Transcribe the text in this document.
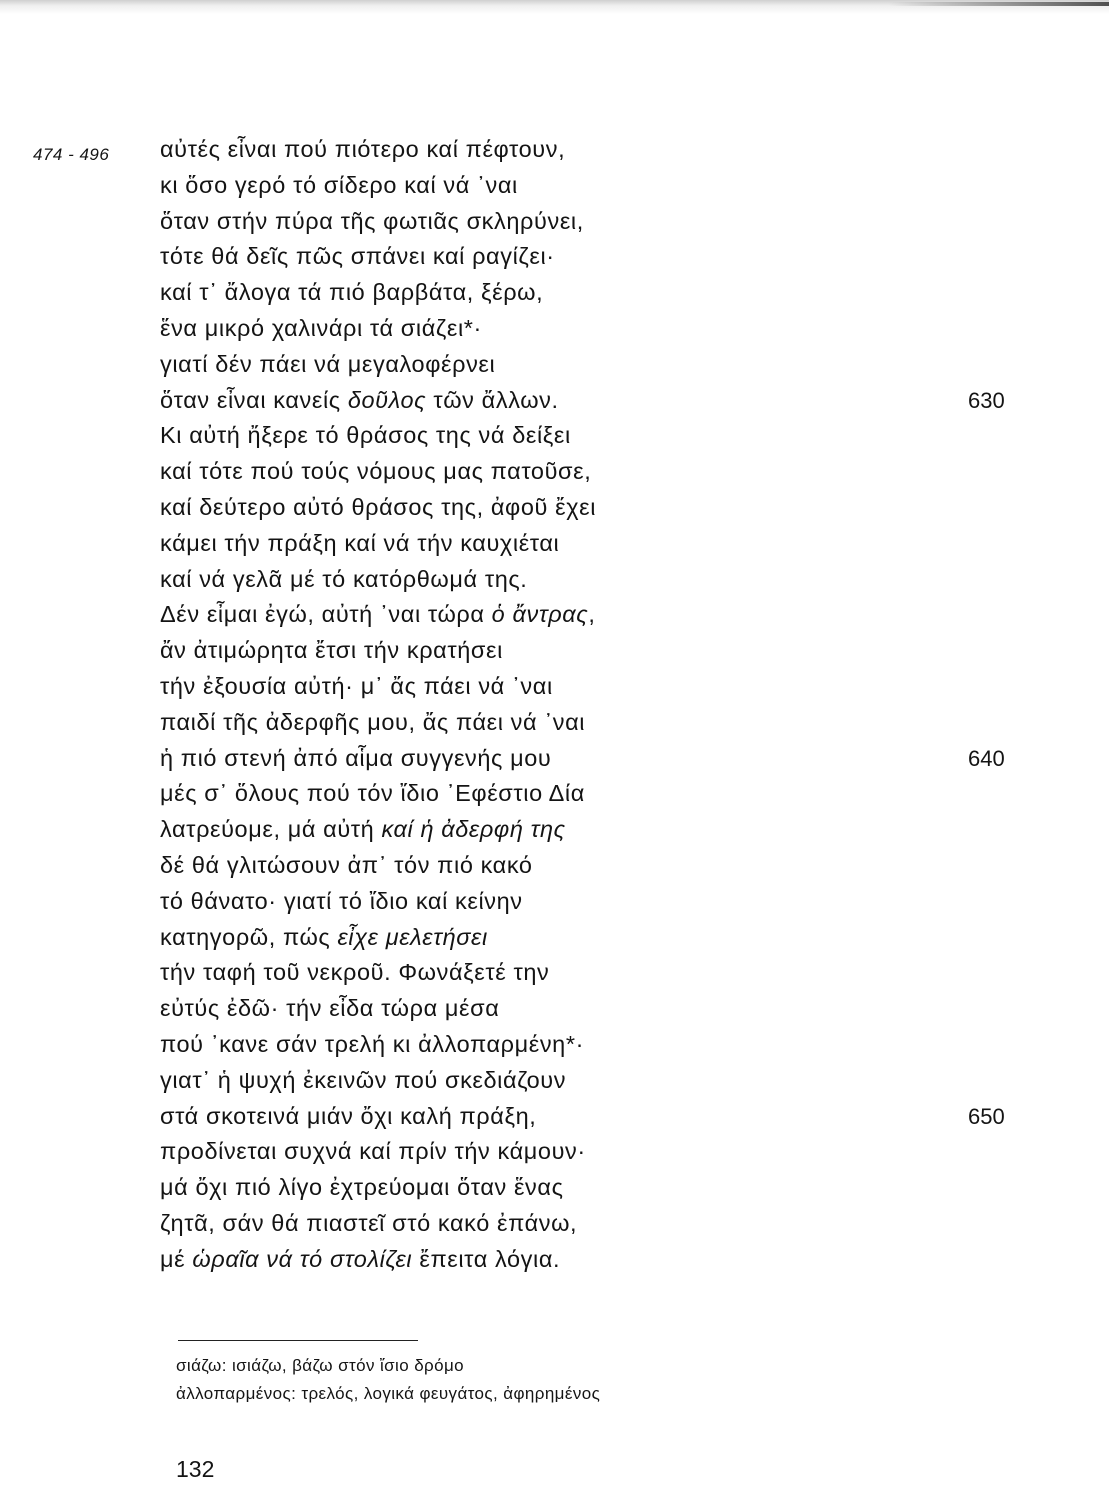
474 - 496 αὐτές εἶναι πού πιότερο καί πέφτουν,
κι ὅσο γερό τό σίδερο καί νά ᾿ναι
ὅταν στήν πύρα τῆς φωτιᾶς σκληρύνει,
τότε θά δεῖς πῶς σπάνει καί ραγίζει·
καί τ᾿ ἄλογα τά πιό βαρβάτα, ξέρω,
ἕνα μικρό χαλινάρι τά σιάζει*·
γιατί δέν πάει νά μεγαλοφέρνει
ὅταν εἶναι κανείς δοῦλος τῶν ἄλλων.
Κι αὐτή ἤξερε τό θράσος της νά δείξει
καί τότε πού τούς νόμους μας πατοῦσε,
καί δεύτερο αὐτό θράσος της, ἀφοῦ ἔχει
κάμει τήν πράξη καί νά τήν καυχιέται
καί νά γελᾶ μέ τό κατόρθωμά της.
Δέν εἶμαι ἐγώ, αὐτή ᾿ναι τώρα ὁ ἄντρας,
ἄν ἀτιμώρητα ἔτσι τήν κρατήσει
τήν ἐξουσία αὐτή· μ᾿ ἄς πάει νά ᾿ναι
παιδί τῆς ἀδερφῆς μου, ἄς πάει νά ᾿ναι
ἡ πιό στενή ἀπό αἷμα συγγενής μου
μές σ᾿ ὅλους πού τόν ἴδιο ᾿Εφέστιο Δία
λατρεύομε, μά αὐτή καί ἡ ἀδερφή της
δέ θά γλιτώσουν ἀπ᾿ τόν πιό κακό
τό θάνατο· γιατί τό ἴδιο καί κείνην
κατηγορῶ, πώς εἶχε μελετήσει
τήν ταφή τοῦ νεκροῦ. Φωνάξετέ την
εὐτύς ἐδῶ· τήν εἶδα τώρα μέσα
πού ᾿κανε σάν τρελή κι ἀλλοπαρμένη*·
γιατ᾿ ἡ ψυχή ἐκεινῶν πού σκεδιάζουν
στά σκοτεινά μιάν ὄχι καλή πράξη,
προδίνεται συχνά καί πρίν τήν κάμουν·
μά ὄχι πιό λίγο ἐχτρεύομαι ὅταν ἕνας
ζητᾶ, σάν θά πιαστεῖ στό κακό ἐπάνω,
μέ ὡραῖα νά τό στολίζει ἔπειτα λόγια.
630
640
650
σιάζω: ισιάζω, βάζω στόν ἴσιο δρόμο
ἀλλοπαρμένος: τρελός, λογικά φευγάτος, ἀφηρημένος
132
